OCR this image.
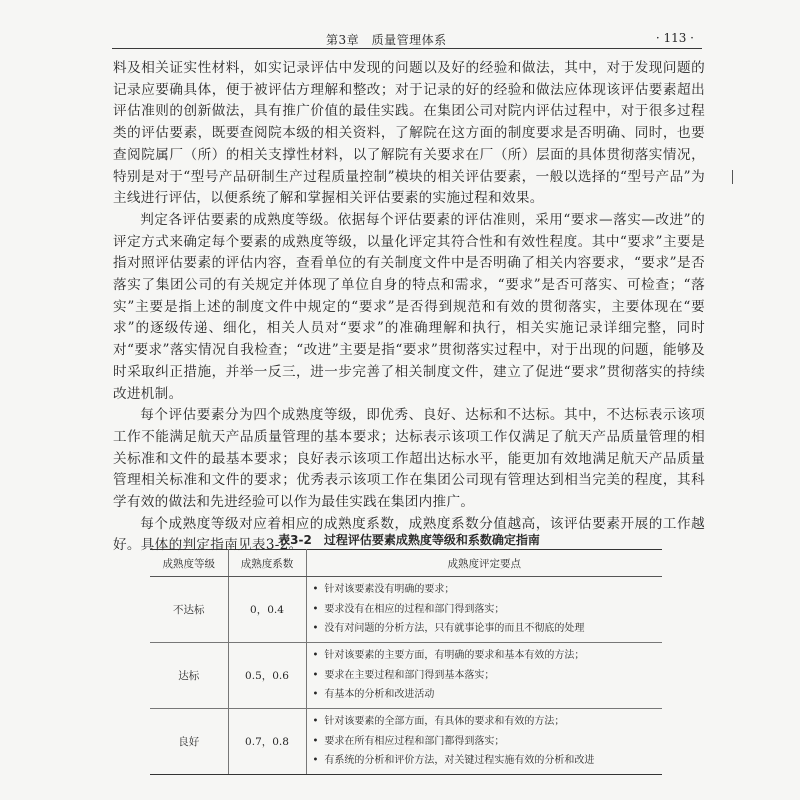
第3章　质量管理体系	· 113 ·

料及相关证实性材料，如实记录评估中发现的问题以及好的经验和做法，其中，对于发现问题的记录应要确具体，便于被评估方理解和整改；对于记录的好的经验和做法应体现该评估要素超出评估准则的创新做法，具有推广价值的最佳实践。在集团公司对院内评估过程中，对于很多过程类的评估要素，既要查阅院本级的相关资料，了解院在这方面的制度要求是否明确、同时，也要查阅院属厂（所）的相关支撑性材料，以了解院有关要求在厂（所）层面的具体贯彻落实情况，特别是对于“型号产品研制生产过程质量控制”模块的相关评估要素，一般以选择的“型号产品”为主线进行评估，以便系统了解和掌握相关评估要素的实施过程和效果。

判定各评估要素的成熟度等级。依据每个评估要素的评估准则，采用“要求—落实—改进”的评定方式来确定每个要素的成熟度等级，以量化评定其符合性和有效性程度。其中“要求”主要是指对照评估要素的评估内容，查看单位的有关制度文件中是否明确了相关内容要求，“要求”是否落实了集团公司的有关规定并体现了单位自身的特点和需求，“要求”是否可落实、可检查；“落实”主要是指上述的制度文件中规定的“要求”是否得到规范和有效的贯彻落实，主要体现在“要求”的逐级传递、细化，相关人员对“要求”的准确理解和执行，相关实施记录详细完整，同时对“要求”落实情况自我检查；“改进”主要是指“要求”贯彻落实过程中，对于出现的问题，能够及时采取纠正措施，并举一反三，进一步完善了相关制度文件，建立了促进“要求”贯彻落实的持续改进机制。

每个评估要素分为四个成熟度等级，即优秀、良好、达标和不达标。其中，不达标表示该项工作不能满足航天产品质量管理的基本要求；达标表示该项工作仅满足了航天产品质量管理的相关标准和文件的最基本要求；良好表示该项工作超出达标水平，能更加有效地满足航天产品质量管理相关标准和文件的要求；优秀表示该项工作在集团公司现有管理达到相当完美的程度，其科学有效的做法和先进经验可以作为最佳实践在集团内推广。

每个成熟度等级对应着相应的成熟度系数，成熟度系数分值越高，该评估要素开展的工作越好。具体的判定指南见表3-2。

表3-2　过程评估要素成熟度等级和系数确定指南
成熟度等级	成熟度系数	成熟度评定要点
不达标	0，0.4	• 针对该要素没有明确的要求；
• 要求没有在相应的过程和部门得到落实；
• 没有对问题的分析方法，只有就事论事的而且不彻底的处理

达标	0.5，0.6	• 针对该要素的主要方面，有明确的要求和基本有效的方法；
• 要求在主要过程和部门得到基本落实；
• 有基本的分析和改进活动

良好	0.7，0.8	• 针对该要素的全部方面，有具体的要求和有效的方法；
• 要求在所有相应过程和部门都得到落实；
• 有系统的分析和评价方法，对关键过程实施有效的分析和改进
